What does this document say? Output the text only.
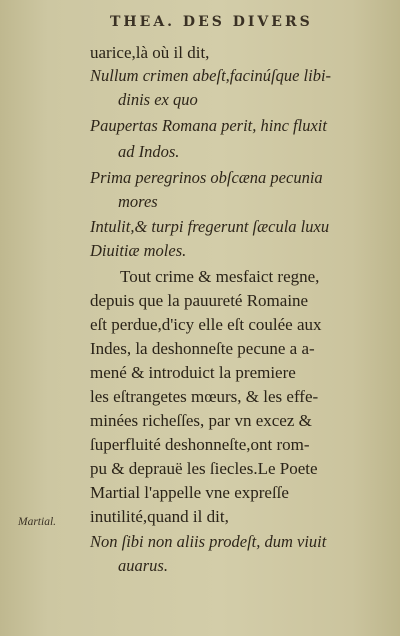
THEA. DES DIVERS
uarice,là où il dit,
Nullum crimen abeſt,facinúſque libi-
dinis ex quo
Paupertas Romana perit, hinc fluxit
ad Indos.
Prima peregrinos obſcæna pecunia
mores
Intulit,& turpi fregerunt ſæcula luxu
Diuitiæ moles.
Tout crime & mesfaict regne,
depuis que la pauureté Romaine
eſt perdue,d'icy elle eſt coulée aux
Indes, la deshonneſte pecune a a-
mené & introduict la premiere
les eſtrangetes mœurs, & les effe-
minées richeſſes, par vn excez &
ſuperfluité deshonneſte,ont rom-
pu & deprauë les ſiecles.Le Poete
Martial l'appelle vne expreſſe
inutilité,quand il dit,
Non ſibi non aliis prodeſt, dum viuit
auarus.
Martial.
